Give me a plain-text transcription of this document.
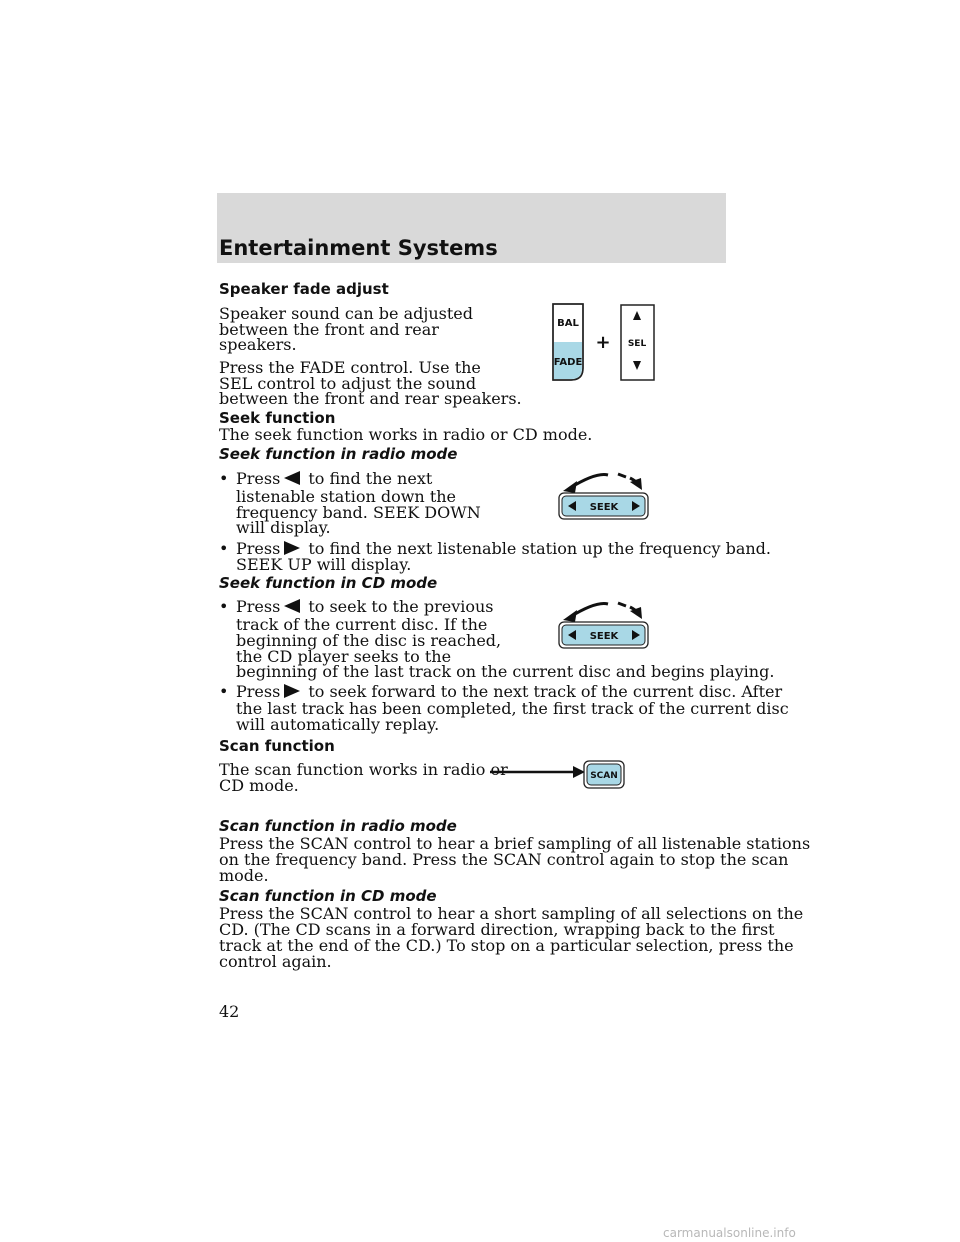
Entertainment Systems
Speaker fade adjust
Speaker sound can be adjusted
between the front and rear
speakers.
Press the FADE control. Use the
SEL control to adjust the sound
between the front and rear speakers.
BAL
FADE
+ SEL
Seek function
The seek function works in radio or CD mode.
Seek function in radio mode
• Press to find the next
listenable station down the
frequency band. SEEK DOWN
will display.
• Press to find the next listenable station up the frequency band.
SEEK UP will display.
SEEK
Seek function in CD mode
• Press to seek to the previous
track of the current disc. If the
beginning of the disc is reached,
the CD player seeks to the
beginning of the last track on the current disc and begins playing.
• Press to seek forward to the next track of the current disc. After
the last track has been completed, the first track of the current disc
will automatically replay.
SEEK
Scan function
The scan function works in radio or
CD mode.	SCAN
Scan function in radio mode
Press the SCAN control to hear a brief sampling of all listenable stations
on the frequency band. Press the SCAN control again to stop the scan
mode.
Scan function in CD mode
Press the SCAN control to hear a short sampling of all selections on the
CD. (The CD scans in a forward direction, wrapping back to the first
track at the end of the CD.) To stop on a particular selection, press the
control again.
42
carmanualsonline.info
